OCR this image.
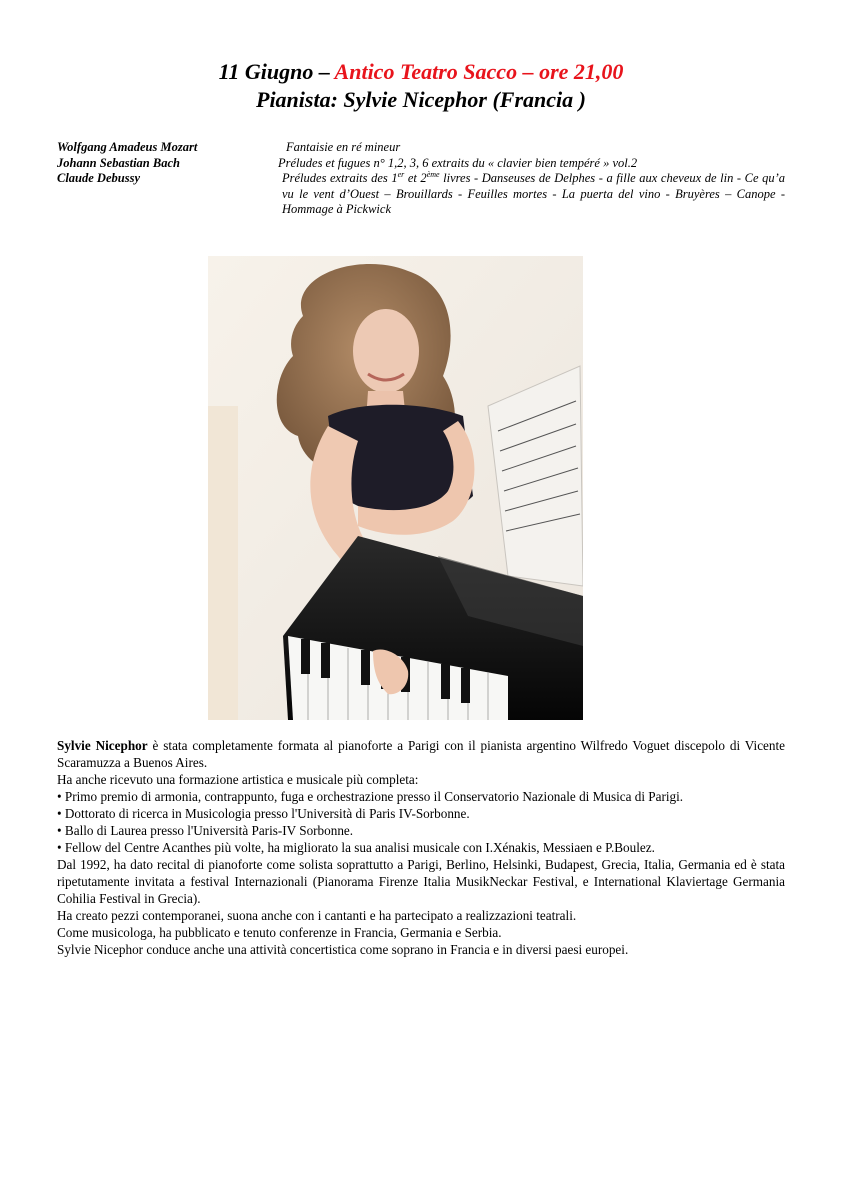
11 Giugno – Antico Teatro Sacco – ore 21,00
Pianista: Sylvie Nicephor (Francia )
Wolfgang Amadeus Mozart	Fantaisie en ré mineur
Johann Sebastian Bach	Préludes et fugues n° 1,2, 3, 6 extraits du « clavier bien tempéré » vol.2
Claude Debussy	Préludes extraits des 1er et 2ème livres - Danseuses de Delphes - a fille aux cheveux de lin - Ce qu’a vu le vent d’Ouest – Brouillards - Feuilles mortes - La puerta del vino - Bruyères – Canope - Hommage à Pickwick

Sylvie Nicephor è stata completamente formata al pianoforte a Parigi con il pianista argentino Wilfredo Voguet discepolo di Vicente Scaramuzza a Buenos Aires.

Ha anche ricevuto una formazione artistica e musicale più completa:

• Primo premio di armonia, contrappunto, fuga e orchestrazione presso il Conservatorio Nazionale di Musica di Parigi.

• Dottorato di ricerca in Musicologia presso l'Università di Paris IV-Sorbonne.

• Ballo di Laurea presso l'Università Paris-IV Sorbonne.

• Fellow del Centre Acanthes più volte, ha migliorato la sua analisi musicale con I.Xénakis, Messiaen e P.Boulez.

Dal 1992, ha dato recital di pianoforte come solista soprattutto a Parigi, Berlino, Helsinki, Budapest, Grecia, Italia, Germania ed è stata ripetutamente invitata a festival Internazionali (Pianorama Firenze Italia MusikNeckar Festival, e International Klaviertage Germania Cohilia Festival in Grecia).

Ha creato pezzi contemporanei, suona anche con i cantanti e ha partecipato a realizzazioni teatrali.

Come musicologa, ha pubblicato e tenuto conferenze in Francia, Germania e Serbia.

Sylvie Nicephor conduce anche una attività concertistica come soprano in Francia e in diversi paesi europei.
